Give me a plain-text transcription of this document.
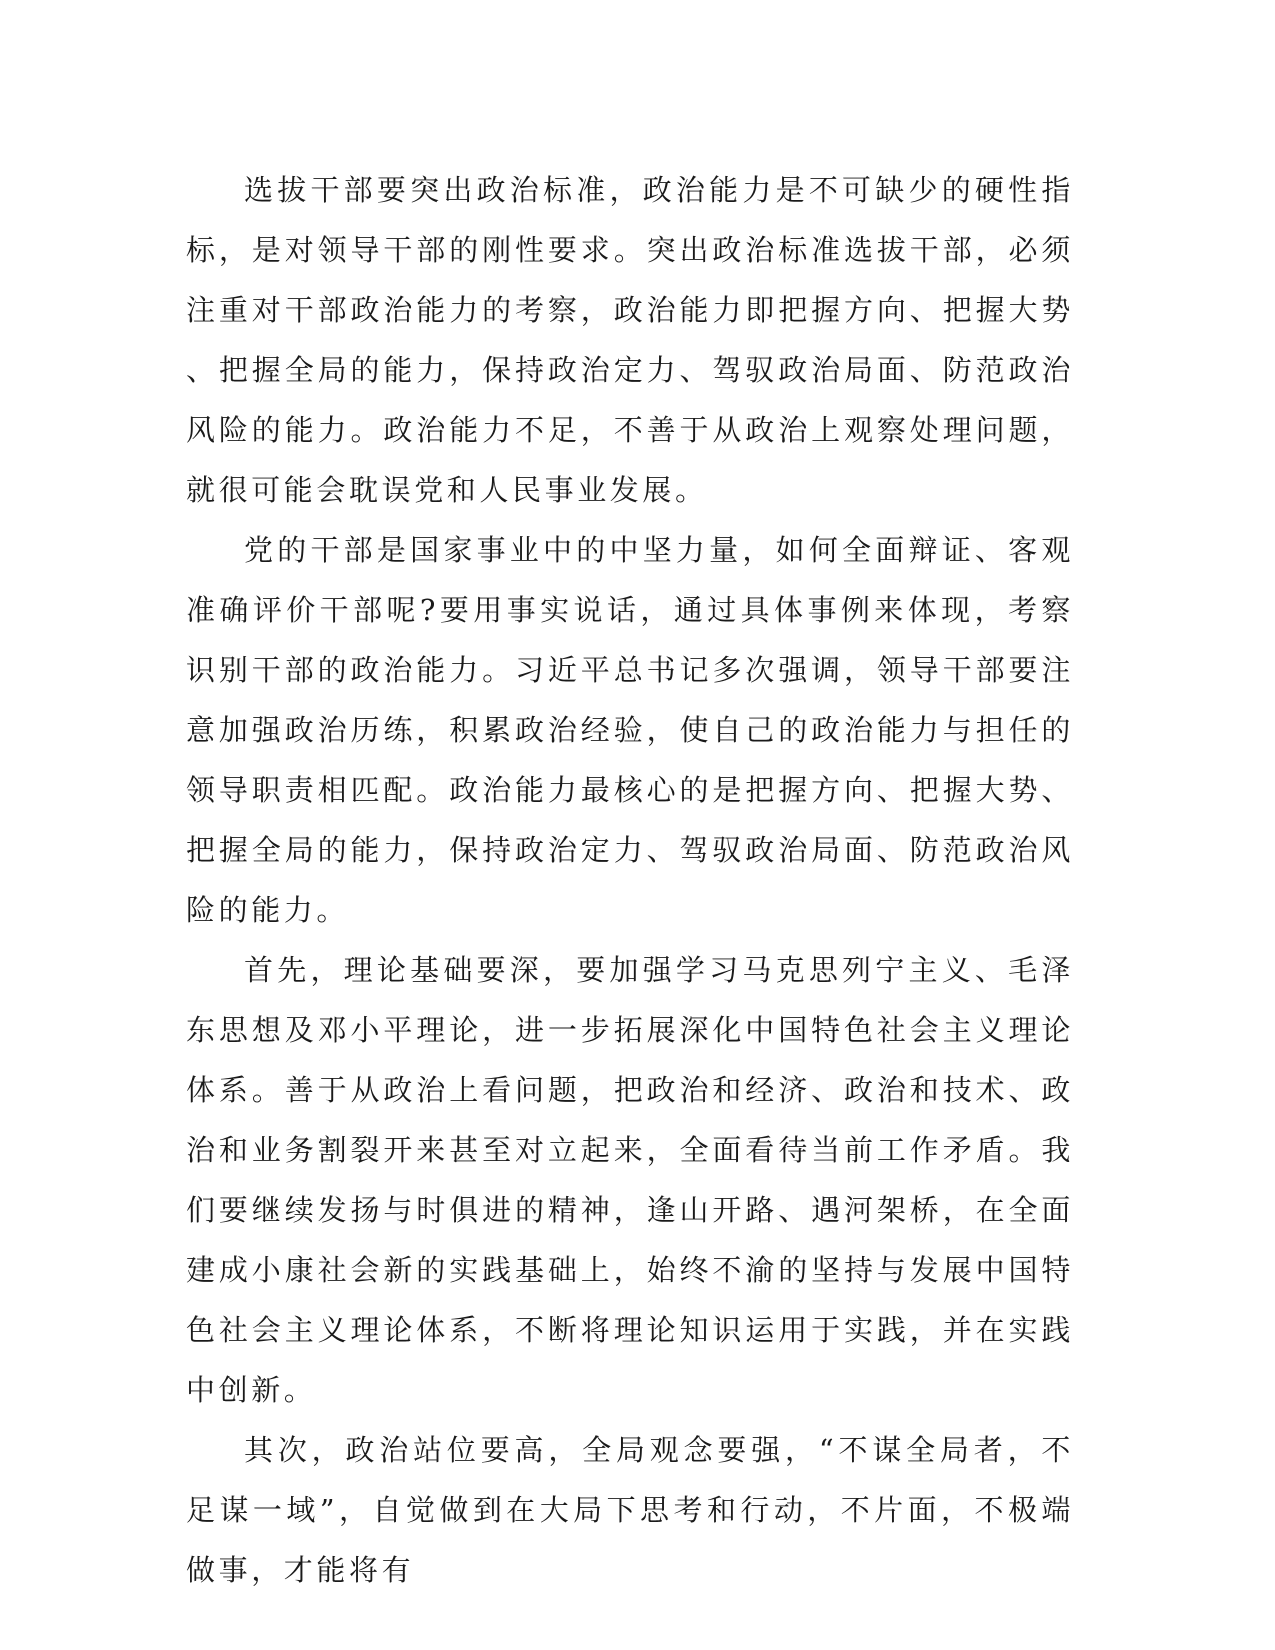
选拔干部要突出政治标准，政治能力是不可缺少的硬性指标，是对领导干部的刚性要求。突出政治标准选拔干部，必须注重对干部政治能力的考察，政治能力即把握方向、把握大势、把握全局的能力，保持政治定力、驾驭政治局面、防范政治风险的能力。政治能力不足，不善于从政治上观察处理问题，就很可能会耽误党和人民事业发展。

党的干部是国家事业中的中坚力量，如何全面辩证、客观准确评价干部呢?要用事实说话，通过具体事例来体现，考察识别干部的政治能力。习近平总书记多次强调，领导干部要注意加强政治历练，积累政治经验，使自己的政治能力与担任的领导职责相匹配。政治能力最核心的是把握方向、把握大势、把握全局的能力，保持政治定力、驾驭政治局面、防范政治风险的能力。

首先，理论基础要深，要加强学习马克思列宁主义、毛泽东思想及邓小平理论，进一步拓展深化中国特色社会主义理论体系。善于从政治上看问题，把政治和经济、政治和技术、政治和业务割裂开来甚至对立起来，全面看待当前工作矛盾。我们要继续发扬与时俱进的精神，逢山开路、遇河架桥，在全面建成小康社会新的实践基础上，始终不渝的坚持与发展中国特色社会主义理论体系，不断将理论知识运用于实践，并在实践中创新。

其次，政治站位要高，全局观念要强，“不谋全局者，不足谋一域”，自觉做到在大局下思考和行动，不片面，不极端做事，才能将有
